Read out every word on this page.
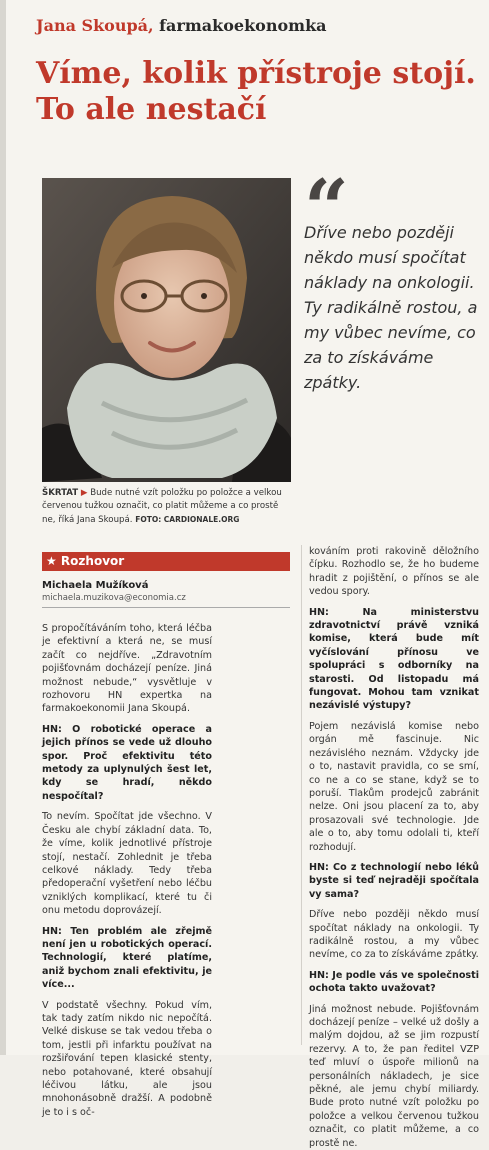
Jana Skoupá, farmakoekonomka
Víme, kolik přístroje stojí. To ale nestačí
“

Dříve nebo později někdo musí spočítat náklady na onkologii. Ty radikálně rostou, a my vůbec nevíme, co za to získáváme zpátky.

ŠKRTAT ▶ Bude nutné vzít položku po položce a velkou červenou tužkou označit, co platit můžeme a co prostě ne, říká Jana Skoupá. FOTO: CARDIONALE.ORG

★ Rozhovor
Michaela Mužíková
michaela.muzikova@economia.cz

S propočítáváním toho, která léčba je efektivní a která ne, se musí začít co nejdříve. „Zdravotním pojišťovnám docházejí peníze. Jiná možnost nebude,“ vysvětluje v rozhovoru HN expertka na farmakoekonomii Jana Skoupá.

HN: O robotické operace a jejich přínos se vede už dlouho spor. Proč efektivitu této metody za uplynulých šest let, kdy se hradí, někdo nespočítal?

To nevím. Spočítat jde všechno. V Česku ale chybí základní data. To, že víme, kolik jednotlivé přístroje stojí, nestačí. Zohlednit je třeba celkové náklady. Tedy třeba předoperační vyšetření nebo léčbu vzniklých komplikací, které tu či onu metodu doprovázejí.

HN: Ten problém ale zřejmě není jen u robotických operací. Technologií, které platíme, aniž bychom znali efektivitu, je více...

V podstatě všechny. Pokud vím, tak tady zatím nikdo nic nepočítá. Velké diskuse se tak vedou třeba o tom, jestli při infarktu používat na rozšiřování tepen klasické stenty, nebo potahované, které obsahují léčivou látku, ale jsou mnohonásobně dražší. A podobně je to i s oč-

kováním proti rakovině děložního čípku. Rozhodlo se, že ho budeme hradit z pojištění, o přínos se ale vedou spory.

HN: Na ministerstvu zdravotnictví právě vzniká komise, která bude mít vyčíslování přínosu ve spolupráci s odborníky na starosti. Od listopadu má fungovat. Mohou tam vznikat nezávislé výstupy?

Pojem nezávislá komise nebo orgán mě fascinuje. Nic nezávislého neznám. Vždycky jde o to, nastavit pravidla, co se smí, co ne a co se stane, když se to poruší. Tlakům prodejců zabránit nelze. Oni jsou placení za to, aby prosazovali své technologie. Jde ale o to, aby tomu odolali ti, kteří rozhodují.

HN: Co z technologií nebo léků byste si teď nejraději spočítala vy sama?

Dříve nebo později někdo musí spočítat náklady na onkologii. Ty radikálně rostou, a my vůbec nevíme, co za to získáváme zpátky.

HN: Je podle vás ve společnosti ochota takto uvažovat?

Jiná možnost nebude. Pojišťovnám docházejí peníze – velké už došly a malým dojdou, až se jim rozpustí rezervy. A to, že pan ředitel VZP teď mluví o úspoře milionů na personálních nákladech, je sice pěkné, ale jemu chybí miliardy. Bude proto nutné vzít položku po položce a velkou červenou tužkou označit, co platit můžeme, a co prostě ne.
